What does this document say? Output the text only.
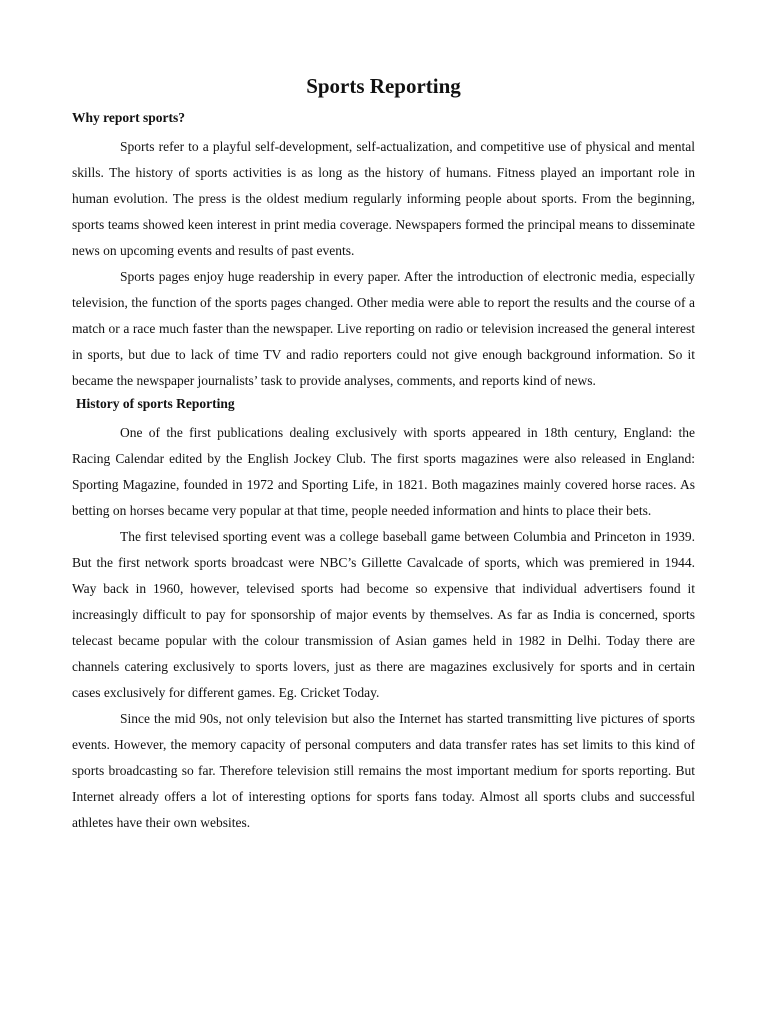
Sports Reporting
Why report sports?

Sports refer to a playful self-development, self-actualization, and competitive use of physical and mental skills. The history of sports activities is as long as the history of humans. Fitness played an important role in human evolution. The press is the oldest medium regularly informing people about sports. From the beginning, sports teams showed keen interest in print media coverage. Newspapers formed the principal means to disseminate news on upcoming events and results of past events.

Sports pages enjoy huge readership in every paper. After the introduction of electronic media, especially television, the function of the sports pages changed. Other media were able to report the results and the course of a match or a race much faster than the newspaper. Live reporting on radio or television increased the general interest in sports, but due to lack of time TV and radio reporters could not give enough background information. So it became the newspaper journalists’ task to provide analyses, comments, and reports kind of news.

History of sports Reporting

One of the first publications dealing exclusively with sports appeared in 18th century, England: the Racing Calendar edited by the English Jockey Club. The first sports magazines were also released in England: Sporting Magazine, founded in 1972 and Sporting Life, in 1821. Both magazines mainly covered horse races. As betting on horses became very popular at that time, people needed information and hints to place their bets.

The first televised sporting event was a college baseball game between Columbia and Princeton in 1939. But the first network sports broadcast were NBC’s Gillette Cavalcade of sports, which was premiered in 1944. Way back in 1960, however, televised sports had become so expensive that individual advertisers found it increasingly difficult to pay for sponsorship of major events by themselves. As far as India is concerned, sports telecast became popular with the colour transmission of Asian games held in 1982 in Delhi. Today there are channels catering exclusively to sports lovers, just as there are magazines exclusively for sports and in certain cases exclusively for different games. Eg. Cricket Today.

Since the mid 90s, not only television but also the Internet has started transmitting live pictures of sports events. However, the memory capacity of personal computers and data transfer rates has set limits to this kind of sports broadcasting so far. Therefore television still remains the most important medium for sports reporting. But Internet already offers a lot of interesting options for sports fans today. Almost all sports clubs and successful athletes have their own websites.
